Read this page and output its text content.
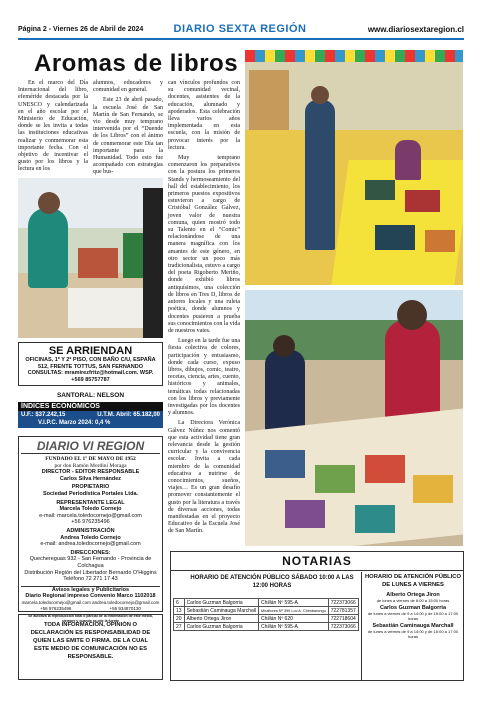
Página 2 - Viernes 26 de Abril de 2024	DIARIO SEXTA REGIÓN	www.diariosextaregion.cl
Aromas de libros

En el marco del Día Internacional del libro, efeméride destacada por la UNESCO y calendarizada en el año escolar por el Ministerio de Educación, donde se les invita a todas las instituciones educativas realizar y conmemorar esta importante fecha. Con el objetivo de incentivar el gusto por los libros y la lectura en los

alumnos, educadores y comunidad en general.

Este 23 de abril pasado, la escuela José de San Martín de San Fernando, se vio desde muy temprano intervenida por el “Duende de los Libros” con el ánimo de conmemorar este Día tan importante para la Humanidad. Todo esto fue acompañado con estrategias que bus-

can vínculos profundos con su comunidad vecinal, docentes, asistentes de la educación, alumnado y apoderados. Esta celebración lleva varios años implementada en esta escuela, con la misión de provocar interés por la lectura.

Muy temprano comenzaron los preparativos con la postura los primeros Stands y hermoseamiento del hall del establecimiento, los primeros puestos expositivos estuvieron a cargo de Cristóbal González Gálvez, joven valor de nuestra comuna, quien mostró todo su Talento en el “Comic” relacionándose de una manera magnífica con los amantes de este género, en otro sector un poco más tradicionalista, estuvo a cargo del poeta Rigoberto Meriño, donde exhibió libros antiquísimos, una colección de libros en Tres D, libros de autores locales y una ruleta poética, donde alumnos y docentes pusieron a prueba sus conocimientos con la vida de nuestros vates.

Luego en la tarde fue una fiesta colectiva de colores, participación y entusiasmo, donde cada curso, expuso libros, dibujos, comic, teatro, recetas, ciencia, artes, cuento, históricos y animales, temáticas todas relacionadas con los libros y previamente investigadas por los docentes y alumnos.

La Directora Verónica Gálvez Núñez nos comentó que esta actividad tiene gran relevancia desde la gestión curricular y la convivencia escolar. Invita a cada miembro de la comunidad educativa a nutrirse de conocimientos, sueños, viajes… Es un gran desafío promover constantemente el gusto por la literatura a través de diversas acciones, todas manifestadas en el proyecto Educativo de la Escuela José de San Martín.

SE ARRIENDAN
OFICINAS, 1º Y 2º PISO, CON BAÑO C/U, ESPAÑA 512, FRENTE TOTTUS, SAN FERNANDO CONSULTAS: mramirezfritz@hotmail.com. WSP. +569 85757787
SANTORAL: NELSON
ÍNDICES ECONÓMICOS
U.F.: $37.242,15	U.T.M. Abril: 65.182,00
V.I.P.C. Marzo 2024: 0,4 %
DIARIO VI REGION
FUNDADO EL 1º DE MAYO DE 1952
por don Ramón Mordini Moraga
DIRECTOR - EDITOR RESPONSABLE
Carlos Silva Hernández
PROPIETARIO
Sociedad Periodística Portales Ltda.
REPRESENTANTE LEGAL
Marcela Toledo Cornejo
e-mail: marcela.toledocornejo@gmail.com
+56 976235496
ADMINISTRACIÓN
Andrea Toledo Cornejo
e-mail: andrea.toledocornejo@gmail.com
DIRECCIONES:
Quechereguas 932 - San Fernando - Provincia de Colchagua
Distribución Región del Libertador Bernardo O'Higgins
Teléfono 72 271 17 43
Avisos legales y Publicitarios
Diario Regional impreso Convenio Marco 1102018
marcela.toledocornejo@gmail.com andrea.toledocornejo@gmail.com
+56 976235496	+56 934870130
Se autoriza la reproducción total o parcial de la información de este medio, siempre y cuando se cite la fuente
TODA INFORMACIÓN, OPINIÓN O DECLARACIÓN ES RESPONSABILIDAD DE QUIEN LAS EMITE O FIRMA. DE LA CUAL ESTE MEDIO DE COMUNICACIÓN NO ES RESPONSABLE.
NOTARIAS
HORARIO DE ATENCIÓN PÚBLICO SÁBADO 10:00 A LAS 12:00 HORAS
6	Carlos Guzman Balgorria	Chillán Nº 595-A	722373066
13	Sebastián Caminauga Marchall	Miraflores Nº 399 Loc A. Chimbarongo	722781357
20	Alberto Ortega Jiron	Chillán Nº 620	722718604
27	Carlos Guzman Balgorria	Chillán Nº 595-A	722373066
HORARIO DE ATENCIÓN PÚBLICO DE LUNES A VIERNES
Alberto Ortega Jiron
de lunes a viernes de 8:00 a 15:00 horas
Carlos Guzman Balgorria
de lunes a viernes de 9 a 14:00 y de 15:00 a 17:00 horas
Sebastián Caminauga Marchall
de lunes a viernes de 9 a 14:00 y de 15:00 a 17:00 horas
